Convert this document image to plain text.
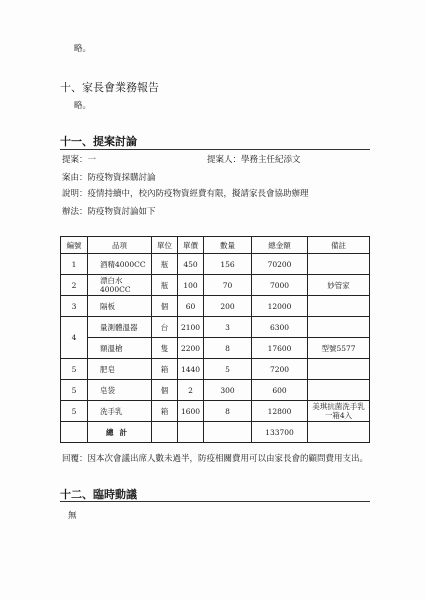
略。
十、家長會業務報告
略。
十一、提案討論
提案：一	提案人：學務主任紀添文
案由：防疫物資採購討論
說明：疫情持續中，校內防疫物資經費有限，擬請家長會協助辦理
辦法：防疫物資討論如下
編號	品項	單位	單價	數量	總金額	備註
1	酒精4000CC	瓶	450	156	70200	
2	漂白水4000CC	瓶	100	70	7000	妙管家
3	隔板	個	60	200	12000	
4	量測體溫器	台	2100	3	6300	
	額溫槍	隻	2200	8	17600	型號5577
5	肥皂	箱	1440	5	7200	
5	皂袋	個	2	300	600	
5	洗手乳	箱	1600	8	12800	美琪抗菌洗手乳一箱4入
	總計				133700	
回覆：因本次會議出席人數未過半，防疫相關費用可以由家長會的顧問費用支出。
十二、臨時動議
無
